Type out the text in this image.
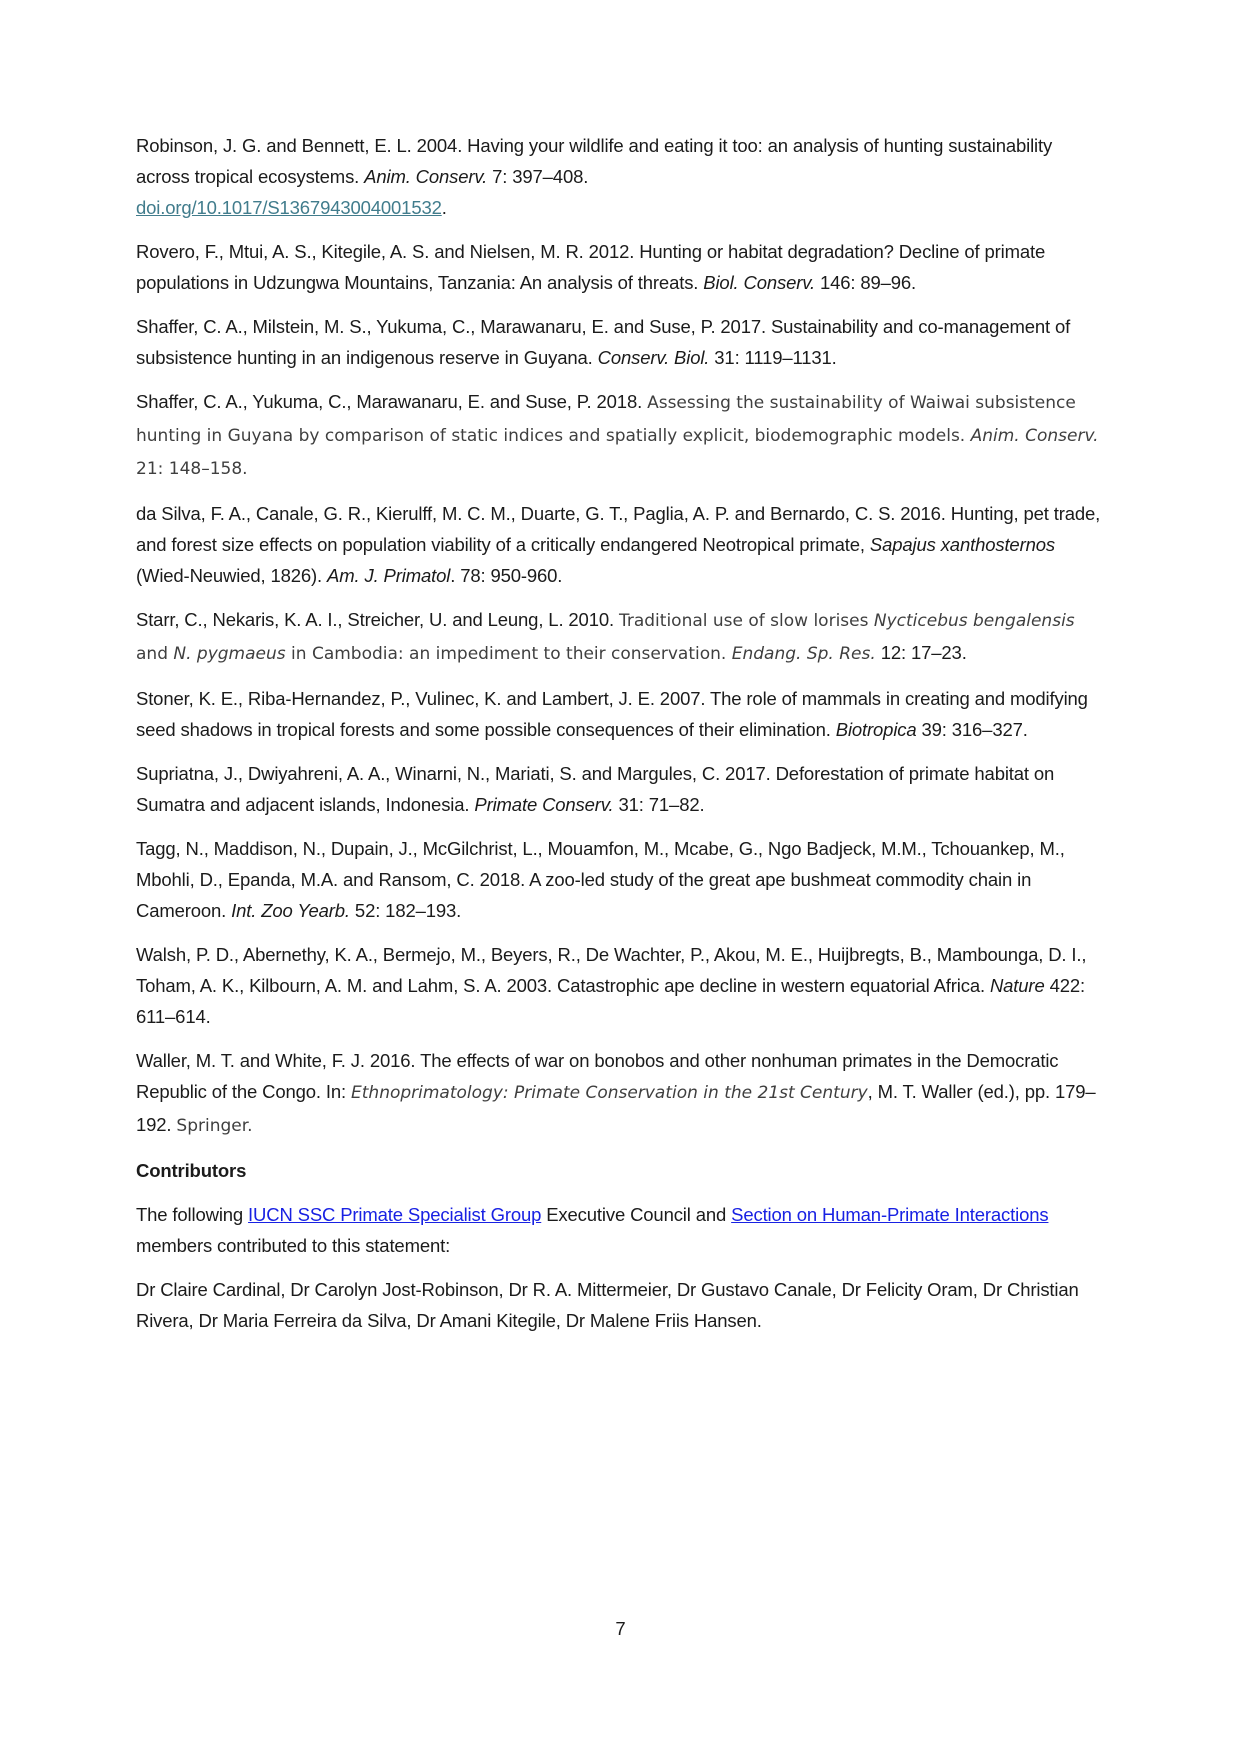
Robinson, J. G. and Bennett, E. L. 2004. Having your wildlife and eating it too: an analysis of hunting sustainability across tropical ecosystems. Anim. Conserv. 7: 397–408.
doi.org/10.1017/S1367943004001532.

Rovero, F., Mtui, A. S., Kitegile, A. S. and Nielsen, M. R. 2012. Hunting or habitat degradation? Decline of primate populations in Udzungwa Mountains, Tanzania: An analysis of threats. Biol. Conserv. 146: 89–96.

Shaffer, C. A., Milstein, M. S., Yukuma, C., Marawanaru, E. and Suse, P. 2017. Sustainability and co-management of subsistence hunting in an indigenous reserve in Guyana. Conserv. Biol. 31: 1119–1131.

Shaffer, C. A., Yukuma, C., Marawanaru, E. and Suse, P. 2018. Assessing the sustainability of Waiwai subsistence hunting in Guyana by comparison of static indices and spatially explicit, biodemographic models. Anim. Conserv. 21: 148–158.

da Silva, F. A., Canale, G. R., Kierulff, M. C. M., Duarte, G. T., Paglia, A. P. and Bernardo, C. S. 2016. Hunting, pet trade, and forest size effects on population viability of a critically endangered Neotropical primate, Sapajus xanthosternos (Wied-Neuwied, 1826). Am. J. Primatol. 78: 950-960.

Starr, C., Nekaris, K. A. I., Streicher, U. and Leung, L. 2010. Traditional use of slow lorises Nycticebus bengalensis and N. pygmaeus in Cambodia: an impediment to their conservation. Endang. Sp. Res. 12: 17–23.

Stoner, K. E., Riba-Hernandez, P., Vulinec, K. and Lambert, J. E. 2007. The role of mammals in creating and modifying seed shadows in tropical forests and some possible consequences of their elimination. Biotropica 39: 316–327.

Supriatna, J., Dwiyahreni, A. A., Winarni, N., Mariati, S. and Margules, C. 2017. Deforestation of primate habitat on Sumatra and adjacent islands, Indonesia. Primate Conserv. 31: 71–82.

Tagg, N., Maddison, N., Dupain, J., McGilchrist, L., Mouamfon, M., Mcabe, G., Ngo Badjeck, M.M., Tchouankep, M., Mbohli, D., Epanda, M.A. and Ransom, C. 2018. A zoo-led study of the great ape bushmeat commodity chain in Cameroon. Int. Zoo Yearb. 52: 182–193.

Walsh, P. D., Abernethy, K. A., Bermejo, M., Beyers, R., De Wachter, P., Akou, M. E., Huijbregts, B., Mambounga, D. I., Toham, A. K., Kilbourn, A. M. and Lahm, S. A. 2003. Catastrophic ape decline in western equatorial Africa. Nature 422: 611–614.

Waller, M. T. and White, F. J. 2016. The effects of war on bonobos and other nonhuman primates in the Democratic Republic of the Congo. In: Ethnoprimatology: Primate Conservation in the 21st Century, M. T. Waller (ed.), pp. 179–192. Springer.

Contributors

The following IUCN SSC Primate Specialist Group Executive Council and Section on Human-Primate Interactions members contributed to this statement:

Dr Claire Cardinal, Dr Carolyn Jost-Robinson, Dr R. A. Mittermeier, Dr Gustavo Canale, Dr Felicity Oram, Dr Christian Rivera, Dr Maria Ferreira da Silva, Dr Amani Kitegile, Dr Malene Friis Hansen.

7
